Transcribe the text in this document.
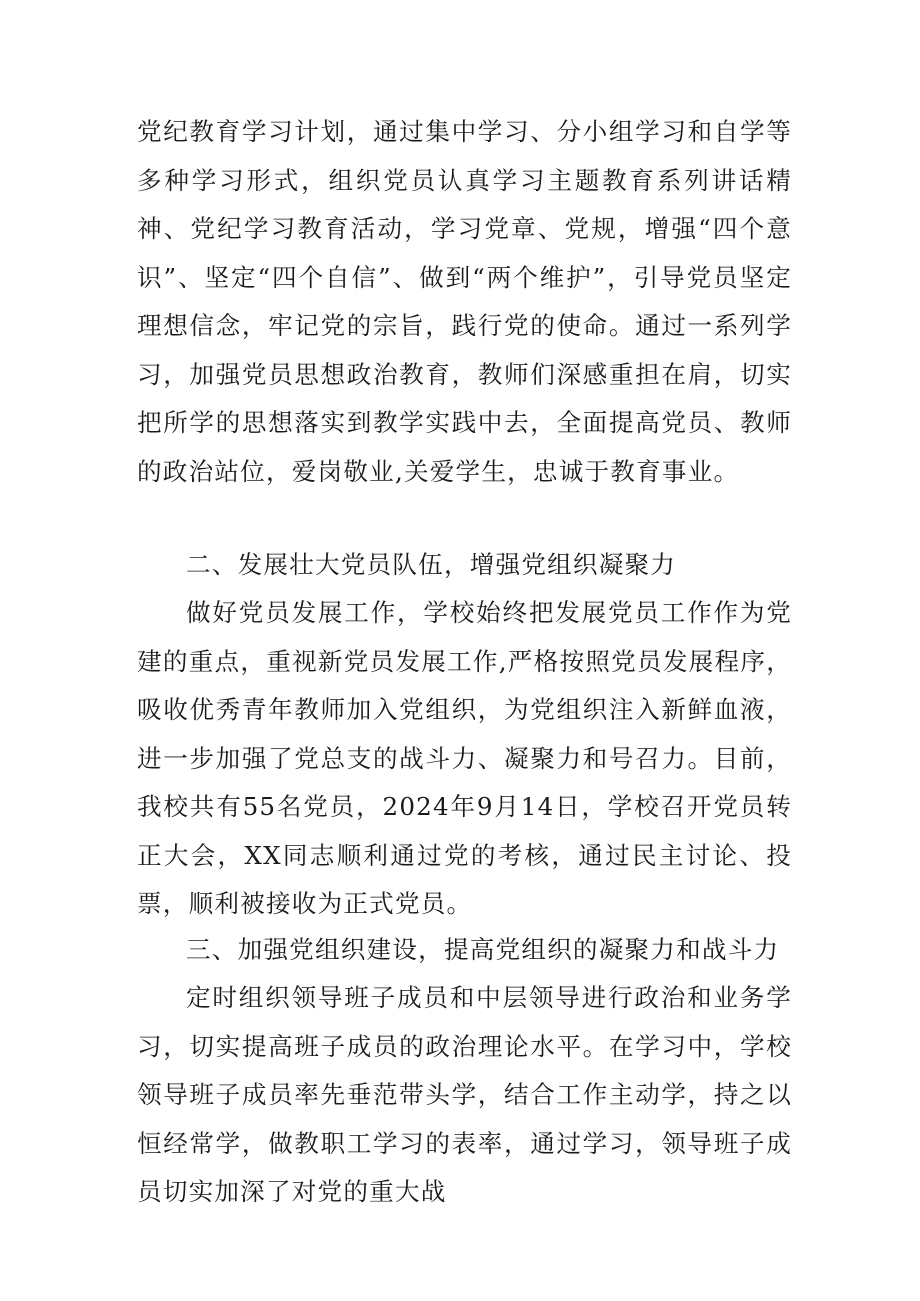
党纪教育学习计划，通过集中学习、分小组学习和自学等多种学习形式，组织党员认真学习主题教育系列讲话精神、党纪学习教育活动，学习党章、党规，增强“四个意识”、坚定“四个自信”、做到“两个维护”，引导党员坚定理想信念，牢记党的宗旨，践行党的使命。通过一系列学习，加强党员思想政治教育，教师们深感重担在肩，切实把所学的思想落实到教学实践中去，全面提高党员、教师的政治站位，爱岗敬业,关爱学生，忠诚于教育事业。

二、发展壮大党员队伍，增强党组织凝聚力

做好党员发展工作，学校始终把发展党员工作作为党建的重点，重视新党员发展工作,严格按照党员发展程序，吸收优秀青年教师加入党组织，为党组织注入新鲜血液，进一步加强了党总支的战斗力、凝聚力和号召力。目前，我校共有55名党员，2024年9月14日，学校召开党员转正大会，XX同志顺利通过党的考核，通过民主讨论、投票，顺利被接收为正式党员。

三、加强党组织建设，提高党组织的凝聚力和战斗力

定时组织领导班子成员和中层领导进行政治和业务学习，切实提高班子成员的政治理论水平。在学习中，学校领导班子成员率先垂范带头学，结合工作主动学，持之以恒经常学，做教职工学习的表率，通过学习，领导班子成员切实加深了对党的重大战
